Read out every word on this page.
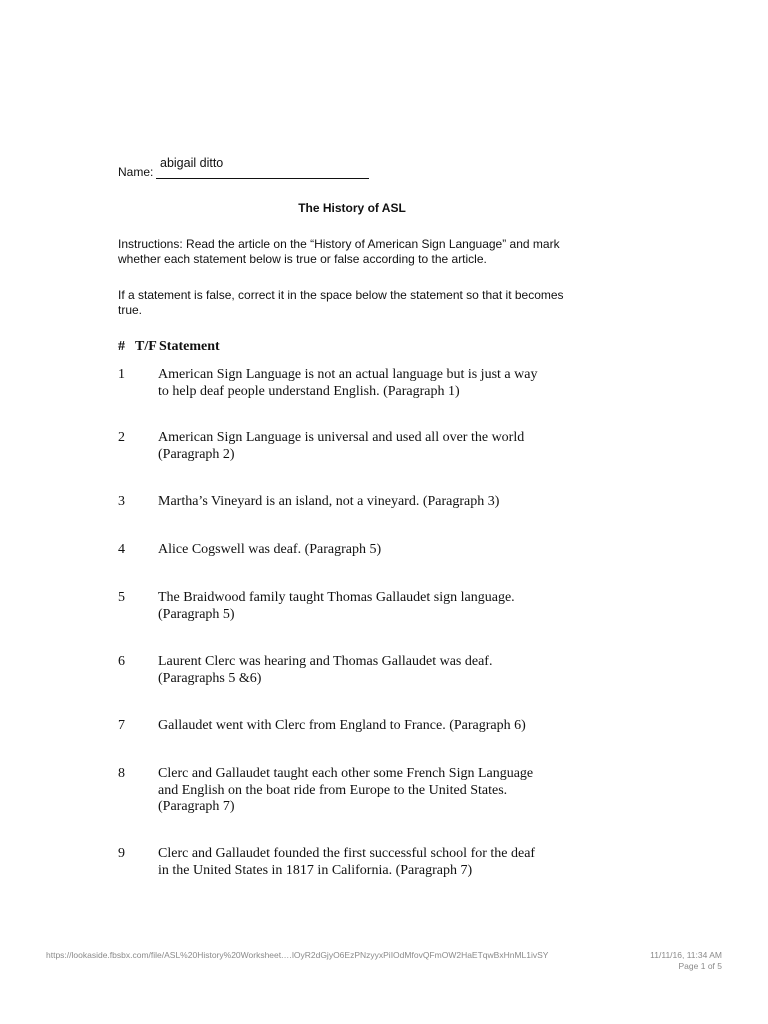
Name:
abigail ditto
The History of ASL
Instructions: Read the article on the “History of American Sign Language” and mark whether each statement below is true or false according to the article.
If a statement is false, correct it in the space below the statement so that it becomes true.
# T/F Statement
1 American Sign Language is not an actual language but is just a way
to help deaf people understand English. (Paragraph 1)
2 American Sign Language is universal and used all over the world
(Paragraph 2)
3 Martha’s Vineyard is an island, not a vineyard. (Paragraph 3)
4 Alice Cogswell was deaf. (Paragraph 5)
5 The Braidwood family taught Thomas Gallaudet sign language.
(Paragraph 5)
6 Laurent Clerc was hearing and Thomas Gallaudet was deaf.
(Paragraphs 5 &6)
7 Gallaudet went with Clerc from England to France. (Paragraph 6)
8 Clerc and Gallaudet taught each other some French Sign Language
and English on the boat ride from Europe to the United States.
(Paragraph 7)
9 Clerc and Gallaudet founded the first successful school for the deaf
in the United States in 1817 in California. (Paragraph 7)
https://lookaside.fbsbx.com/file/ASL%20History%20Worksheet.…lOyR2dGjyO6EzPNzyyxPiIOdMfovQFmOW2HaETqwBxHnML1ivSY	11/11/16, 11:34 AM
Page 1 of 5
